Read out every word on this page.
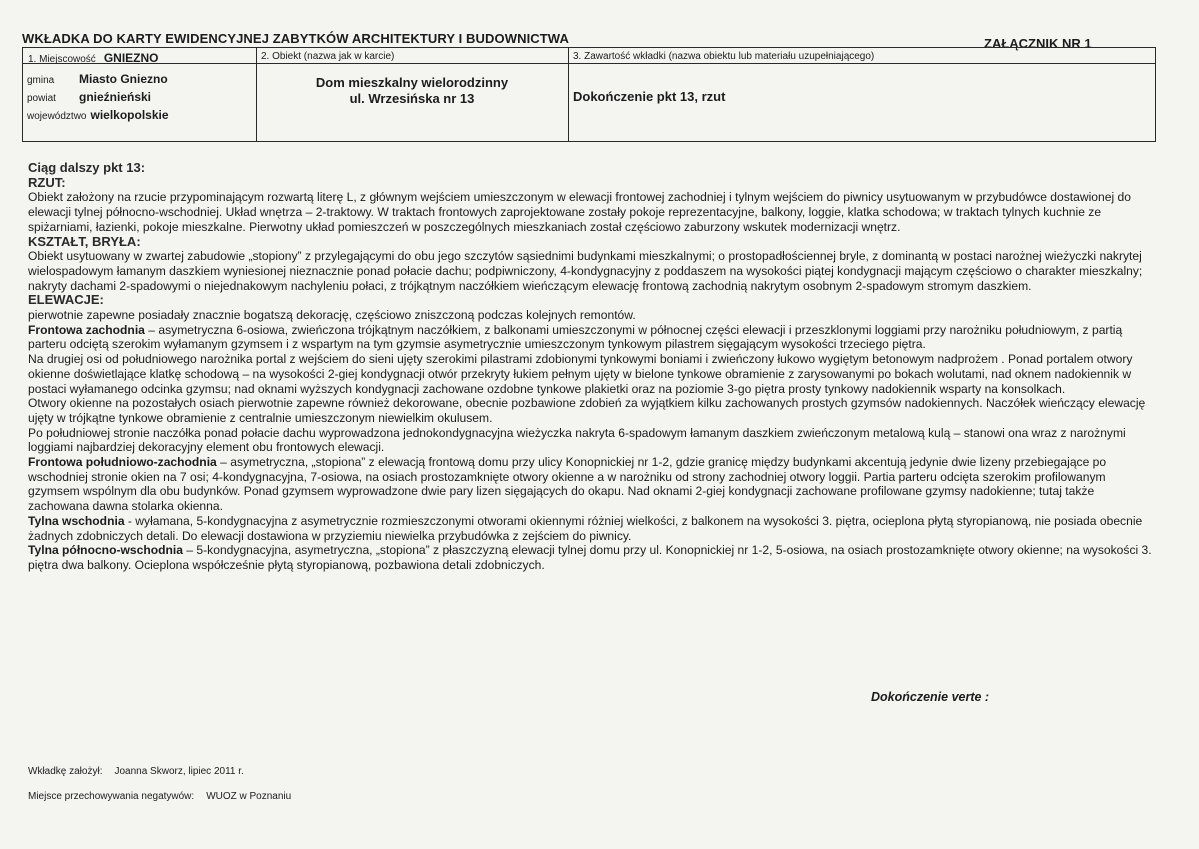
WKŁADKA DO KARTY EWIDENCYJNEJ ZABYTKÓW ARCHITEKTURY I BUDOWNICTWA	ZAŁĄCZNIK NR 1
1. Miejscowość GNIEZNO
gmina Miasto Gniezno
powiat gnieźnieński
województwo wielkopolskie
2. Obiekt (nazwa jak w karcie)
Dom mieszkalny wielorodzinny
ul. Wrzesińska nr 13
3. Zawartość wkładki (nazwa obiektu lub materiału uzupełniającego)
Dokończenie pkt 13, rzut

Ciąg dalszy pkt 13:

RZUT:

Obiekt założony na rzucie przypominającym rozwartą literę L, z głównym wejściem umieszczonym w elewacji frontowej zachodniej i tylnym wejściem do piwnicy usytuowanym w przybudówce dostawionej do elewacji tylnej północno-wschodniej. Układ wnętrza – 2-traktowy. W traktach frontowych zaprojektowane zostały pokoje reprezentacyjne, balkony, loggie, klatka schodowa; w traktach tylnych kuchnie ze spiżarniami, łazienki, pokoje mieszkalne. Pierwotny układ pomieszczeń w poszczególnych mieszkaniach został częściowo zaburzony wskutek modernizacji wnętrz.

KSZTAŁT, BRYŁA:

Obiekt usytuowany w zwartej zabudowie „stopiony” z przylegającymi do obu jego szczytów sąsiednimi budynkami mieszkalnymi; o prostopadłościennej bryle, z dominantą w postaci narożnej wieżyczki nakrytej wielospadowym łamanym daszkiem wyniesionej nieznacznie ponad połacie dachu; podpiwniczony, 4-kondygnacyjny z poddaszem na wysokości piątej kondygnacji mającym częściowo o charakter mieszkalny; nakryty dachami 2-spadowymi o niejednakowym nachyleniu połaci, z trójkątnym naczółkiem wieńczącym elewację frontową zachodnią nakrytym osobnym 2-spadowym stromym daszkiem.

ELEWACJE:

pierwotnie zapewne posiadały znacznie bogatszą dekorację, częściowo zniszczoną podczas kolejnych remontów.

Frontowa zachodnia – asymetryczna 6-osiowa, zwieńczona trójkątnym naczółkiem, z balkonami umieszczonymi w północnej części elewacji i przeszklonymi loggiami przy narożniku południowym, z partią parteru odciętą szerokim wyłamanym gzymsem i z wspartym na tym gzymsie asymetrycznie umieszczonym tynkowym pilastrem sięgającym wysokości trzeciego piętra.

Na drugiej osi od południowego narożnika portal z wejściem do sieni ujęty szerokimi pilastrami zdobionymi tynkowymi boniami i zwieńczony łukowo wygiętym betonowym nadprożem . Ponad portalem otwory okienne doświetlające klatkę schodową – na wysokości 2-giej kondygnacji otwór przekryty łukiem pełnym ujęty w bielone tynkowe obramienie z zarysowanymi po bokach wolutami, nad oknem nadokiennik w postaci wyłamanego odcinka gzymsu; nad oknami wyższych kondygnacji zachowane ozdobne tynkowe plakietki oraz na poziomie 3-go piętra prosty tynkowy nadokiennik wsparty na konsolkach.

Otwory okienne na pozostałych osiach pierwotnie zapewne również dekorowane, obecnie pozbawione zdobień za wyjątkiem kilku zachowanych prostych gzymsów nadokiennych. Naczółek wieńczący elewację ujęty w trójkątne tynkowe obramienie z centralnie umieszczonym niewielkim okulusem.

Po południowej stronie naczółka ponad połacie dachu wyprowadzona jednokondygnacyjna wieżyczka nakryta 6-spadowym łamanym daszkiem zwieńczonym metalową kulą – stanowi ona wraz z narożnymi loggiami najbardziej dekoracyjny element obu frontowych elewacji.

Frontowa południowo-zachodnia – asymetryczna, „stopiona” z elewacją frontową domu przy ulicy Konopnickiej nr 1-2, gdzie granicę między budynkami akcentują jedynie dwie lizeny przebiegające po wschodniej stronie okien na 7 osi; 4-kondygnacyjna, 7-osiowa, na osiach prostozamknięte otwory okienne a w narożniku od strony zachodniej otwory loggii. Partia parteru odcięta szerokim profilowanym gzymsem wspólnym dla obu budynków. Ponad gzymsem wyprowadzone dwie pary lizen sięgających do okapu. Nad oknami 2-giej kondygnacji zachowane profilowane gzymsy nadokienne; tutaj także zachowana dawna stolarka okienna.

Tylna wschodnia - wyłamana, 5-kondygnacyjna z asymetrycznie rozmieszczonymi otworami okiennymi różniej wielkości, z balkonem na wysokości 3. piętra, ocieplona płytą styropianową, nie posiada obecnie żadnych zdobniczych detali. Do elewacji dostawiona w przyziemiu niewielka przybudówka z zejściem do piwnicy.

Tylna północno-wschodnia – 5-kondygnacyjna, asymetryczna, „stopiona” z płaszczyzną elewacji tylnej domu przy ul. Konopnickiej nr 1-2, 5-osiowa, na osiach prostozamknięte otwory okienne; na wysokości 3. piętra dwa balkony. Ocieplona współcześnie płytą styropianową, pozbawiona detali zdobniczych.

Dokończenie verte :
Wkładkę założył: Joanna Skworz, lipiec 2011 r.
Miejsce przechowywania negatywów: WUOZ w Poznaniu
